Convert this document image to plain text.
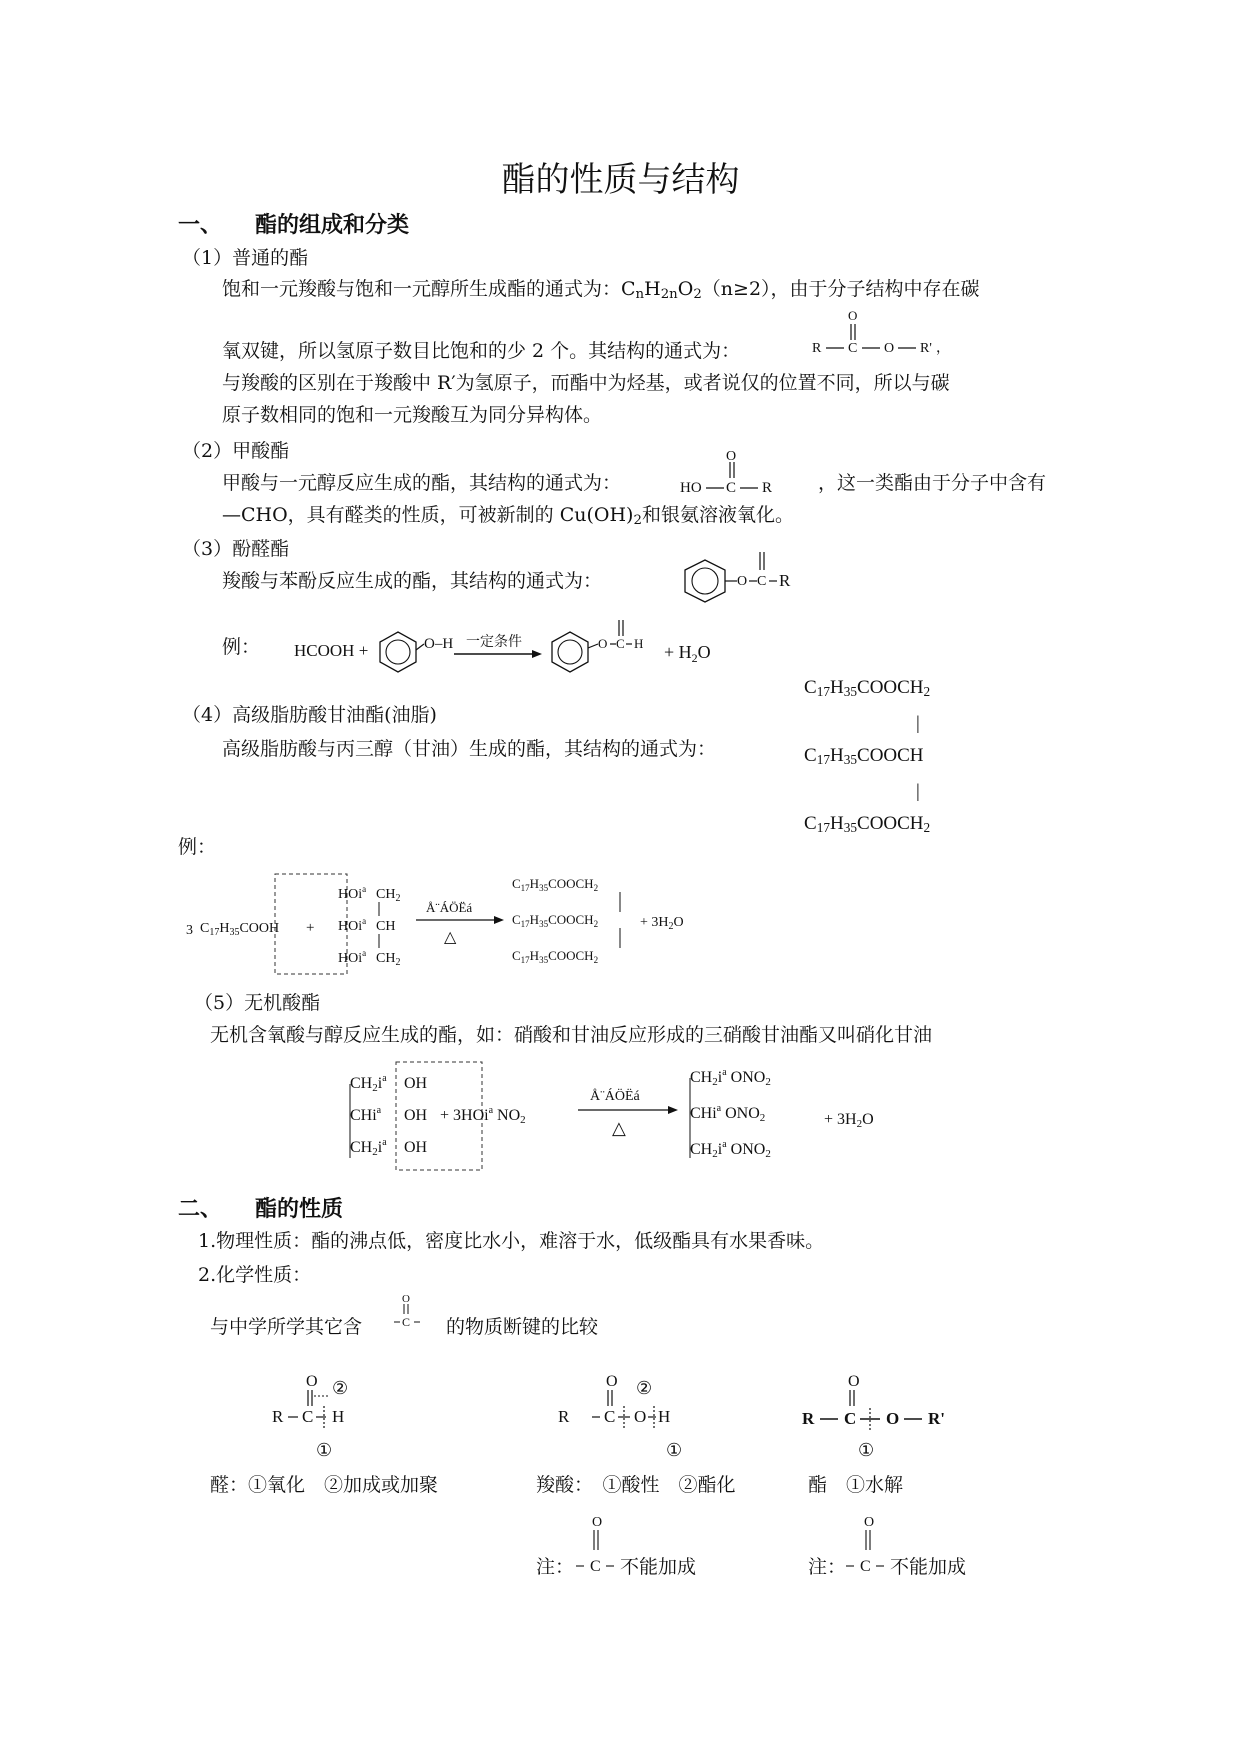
酯的性质与结构
一、　　酯的组成和分类
（1）普通的酯
饱和一元羧酸与饱和一元醇所生成酯的通式为：$C_nH_{2n}O_2(n\ge 2)$，由于分子结构中存在碳
氧双键，所以氢原子数目比饱和的少 2 个。其结构的通式为：	R C
O
O R' ，
与羧酸的区别在于羧酸中 R′为氢原子，而酯中为烃基，或者说仅的位置不同，所以与碳
原子数相同的饱和一元羧酸互为同分异构体。
（2）甲酸酯
甲酸与一元醇反应生成的酯，其结构的通式为：	HO C
O
R ，这一类酯由于分子中含有
—CHO，具有醛类的性质，可被新制的 $Cu(OH)_2$和银氨溶液氧化。
（3）酚醛酯
羧酸与苯酚反应生成的酯，其结构的通式为：	O C R
例： HCOOH +	O–H 一定条件	O C $H + H_2O$
$C_{17}H_{35}COOCH_2$
|
$C_{17}H_{35}COOCH$
|
$C_{17}H_{35}COOCH_2$
（4）高级脂肪酸甘油酯(油脂)
高级脂肪酸与丙三醇（甘油）生成的酯，其结构的通式为：
例：
3 $C_{17}H_{35}COOH$ +
HOi$^a$
HOi$^a$
HOi$^a$
$CH_2$
CH
$CH_2$
Å¨ÁÖËá
△
$C_{17}H_{35}COOCH_2$
$C_{17}H_{35}COOCH_2$
$C_{17}H_{35}COOCH_2$
+ $3H_2O$
（5）无机酸酯
无机含氧酸与醇反应生成的酯，如：硝酸和甘油反应形成的三硝酸甘油酯又叫硝化甘油
$CH2i^a$
CHi$^a$
$CH2i^a$
OH
OH
OH
+ 3HOi$^a$ NO2
Å¨ÁÖËá
△
$CH2i^a$ ONO2
CHi$^a$ ONO2
$CH2i^a$ ONO2
+ 3H2O
二、　　酯的性质
1.物理性质：酯的沸点低，密度比水小，难溶于水，低级酯具有水果香味。
2.化学性质：
与中学所学其它含
O
C 的物质断键的比较
O ②
R C H
①
醛：①氧化　②加成或加聚
O ②
R C O H
①
羧酸：　①酸性　②酯化
O
R C O R'
①
酯　①水解
注：
O
C 不能加成	注：
O
C 不能加成
